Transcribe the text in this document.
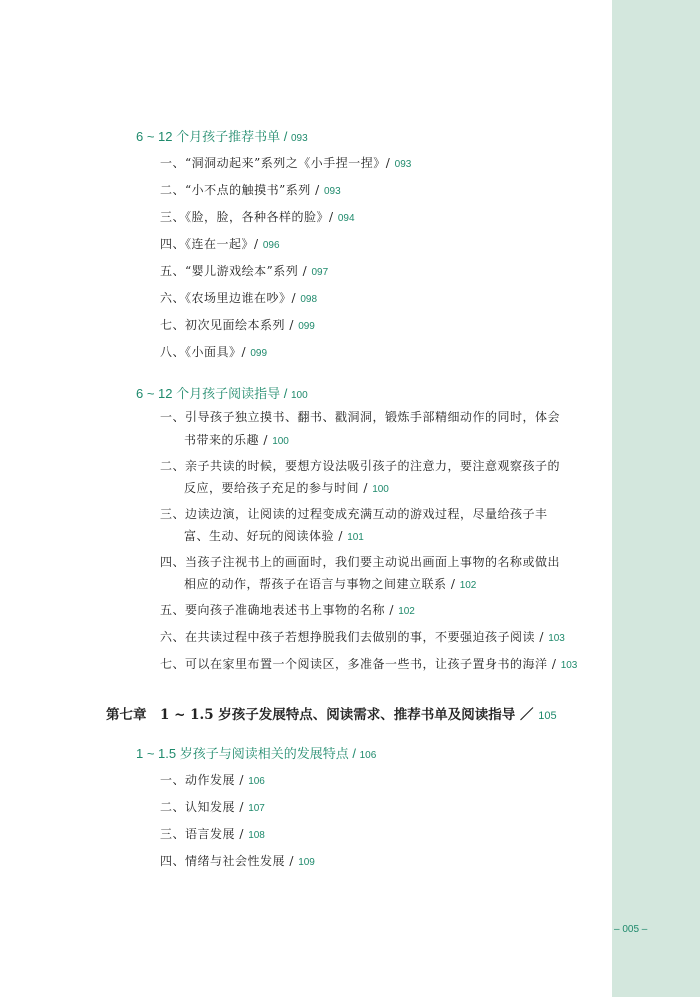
6 ~ 12 个月孩子推荐书单 / 093
一、“洞洞动起来”系列之《小手捏一捏》/ 093
二、“小不点的触摸书”系列 / 093
三、《脸，脸，各种各样的脸》/ 094
四、《连在一起》/ 096
五、“婴儿游戏绘本”系列 / 097
六、《农场里边谁在吵》/ 098
七、初次见面绘本系列 / 099
八、《小面具》/ 099
6 ~ 12 个月孩子阅读指导 / 100
一、引导孩子独立摸书、翻书、戳洞洞，锻炼手部精细动作的同时，体会
书带来的乐趣 / 100
二、亲子共读的时候，要想方设法吸引孩子的注意力，要注意观察孩子的
反应，要给孩子充足的参与时间 / 100
三、边读边演，让阅读的过程变成充满互动的游戏过程，尽量给孩子丰
富、生动、好玩的阅读体验 / 101
四、当孩子注视书上的画面时，我们要主动说出画面上事物的名称或做出
相应的动作，帮孩子在语言与事物之间建立联系 / 102
五、要向孩子准确地表述书上事物的名称 / 102
六、在共读过程中孩子若想挣脱我们去做别的事，不要强迫孩子阅读 / 103
七、可以在家里布置一个阅读区，多准备一些书，让孩子置身书的海洋 / 103
第七章　1 ~ 1.5 岁孩子发展特点、阅读需求、推荐书单及阅读指导 ／ 105
1 ~ 1.5 岁孩子与阅读相关的发展特点 / 106
一、动作发展 / 106
二、认知发展 / 107
三、语言发展 / 108
四、情绪与社会性发展 / 109
– 005 –
